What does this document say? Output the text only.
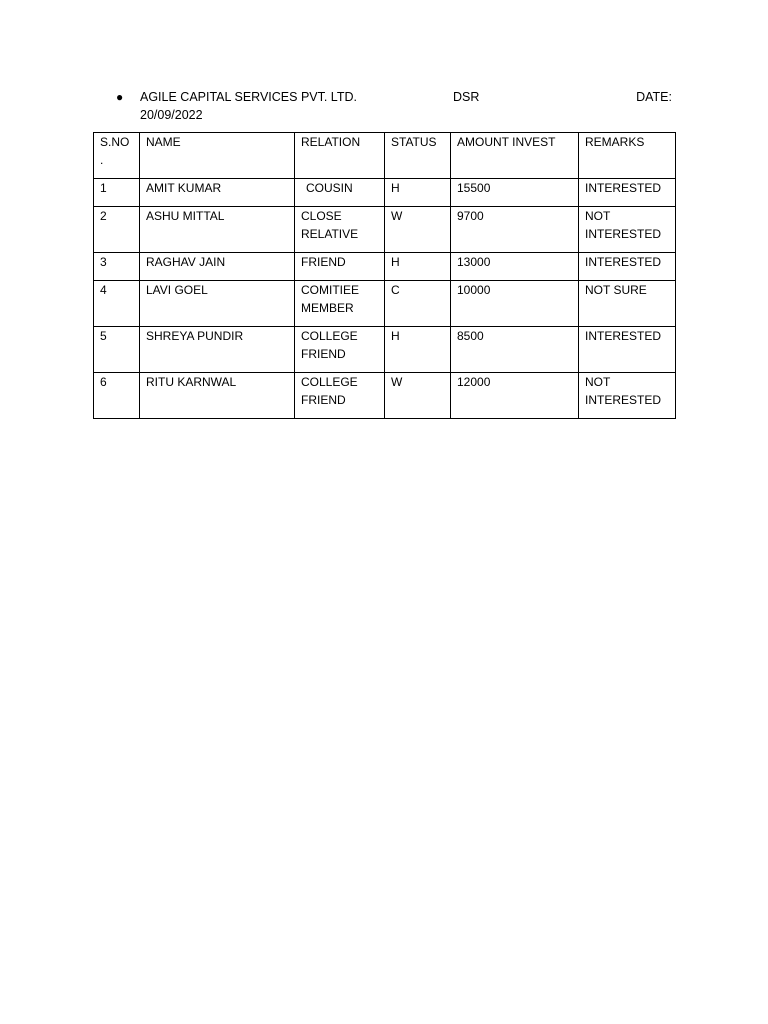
● AGILE CAPITAL SERVICES PVT. LTD.	DSR	DATE:
20/09/2022
S.NO .	NAME	RELATION	STATUS	AMOUNT INVEST	REMARKS
1	AMIT KUMAR	COUSIN	H	15500	INTERESTED
2	ASHU MITTAL	CLOSE RELATIVE	W	9700	NOT INTERESTED
3	RAGHAV JAIN	FRIEND	H	13000	INTERESTED
4	LAVI GOEL	COMITIEE MEMBER	C	10000	NOT SURE
5	SHREYA PUNDIR	COLLEGE FRIEND	H	8500	INTERESTED
6	RITU KARNWAL	COLLEGE FRIEND	W	12000	NOT INTERESTED
